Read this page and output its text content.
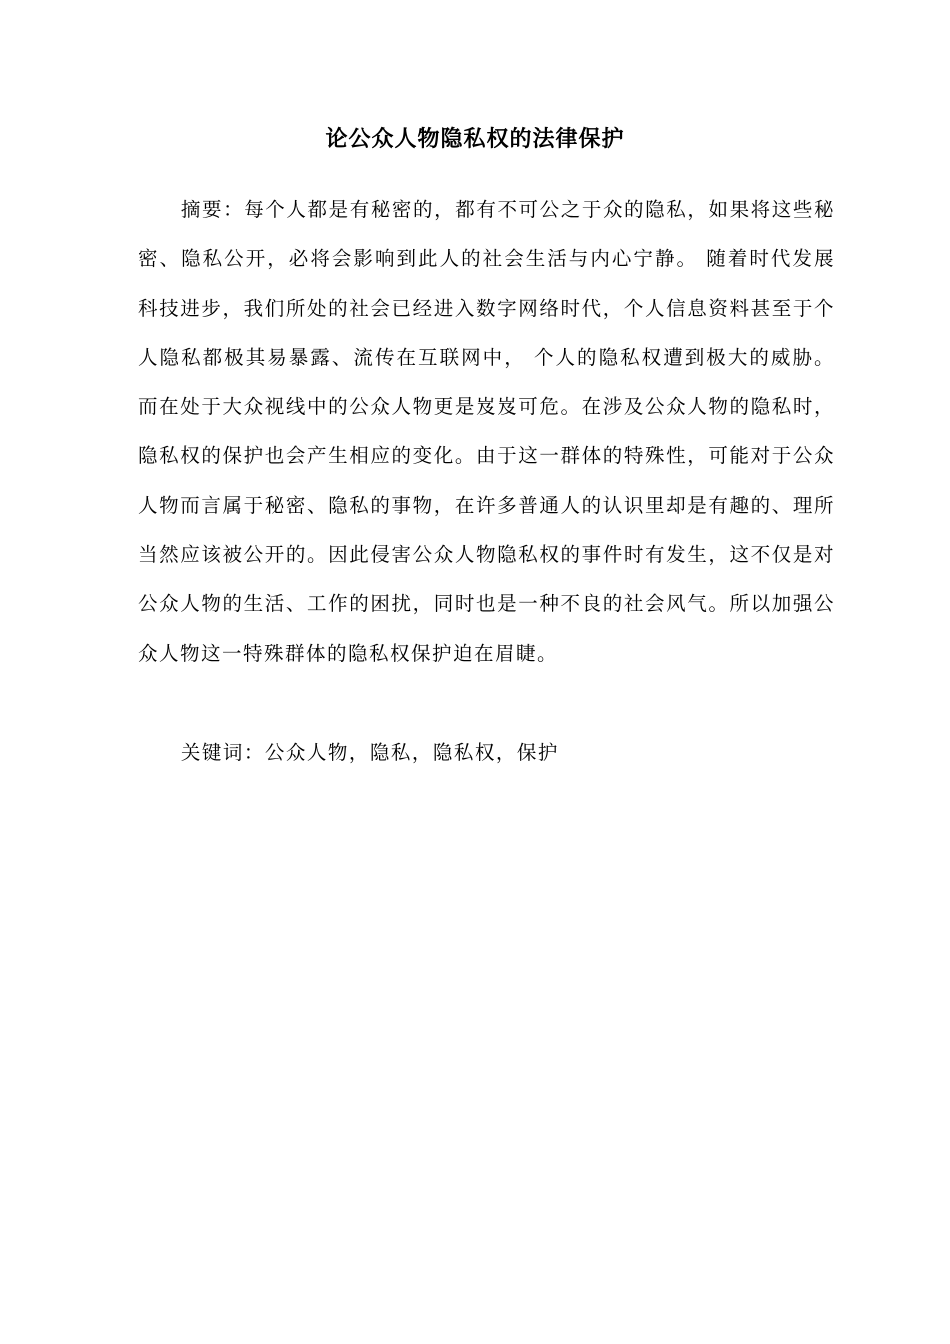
论公众人物隐私权的法律保护

摘要：每个人都是有秘密的，都有不可公之于众的隐私，如果将这些秘密、隐私公开，必将会影响到此人的社会生活与内心宁静。 随着时代发展科技进步，我们所处的社会已经进入数字网络时代，个人信息资料甚至于个人隐私都极其易暴露、流传在互联网中， 个人的隐私权遭到极大的威胁。 而在处于大众视线中的公众人物更是岌岌可危。在涉及公众人物的隐私时，隐私权的保护也会产生相应的变化。由于这一群体的特殊性，可能对于公众人物而言属于秘密、隐私的事物，在许多普通人的认识里却是有趣的、理所当然应该被公开的。因此侵害公众人物隐私权的事件时有发生，这不仅是对公众人物的生活、工作的困扰，同时也是一种不良的社会风气。所以加强公众人物这一特殊群体的隐私权保护迫在眉睫。

关键词：公众人物，隐私，隐私权，保护
